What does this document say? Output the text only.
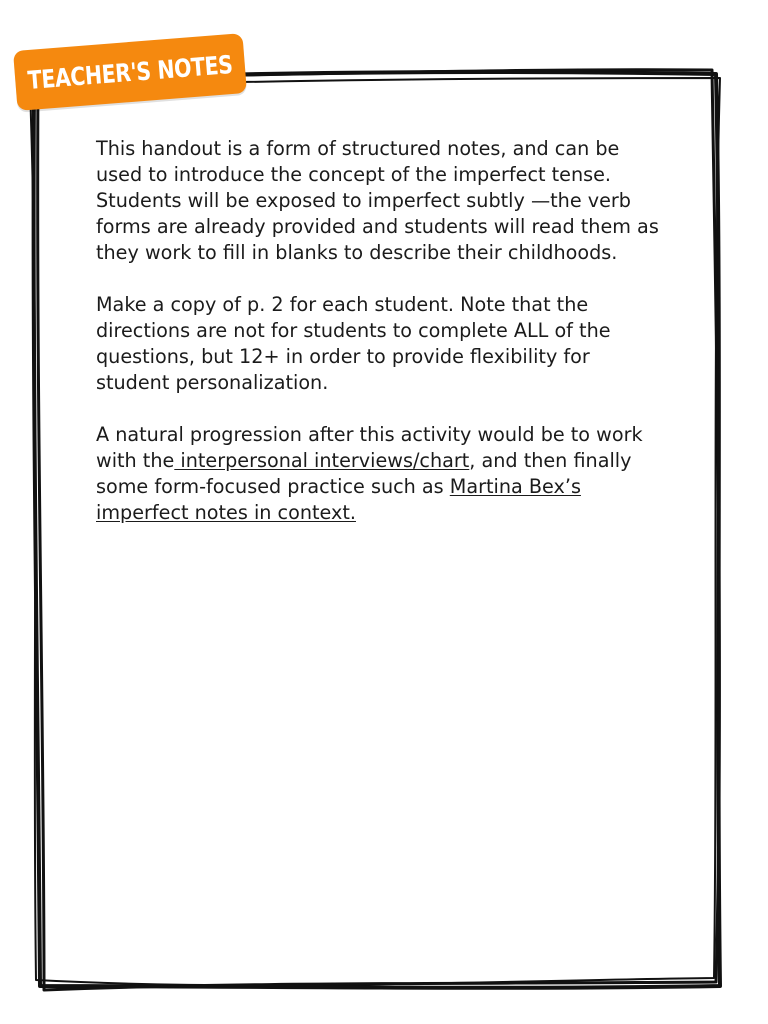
TEACHER'S NOTES

This handout is a form of structured notes, and can be used to introduce the concept of the imperfect tense. Students will be exposed to imperfect subtly —the verb forms are already provided and students will read them as they work to fill in blanks to describe their childhoods.

Make a copy of p. 2 for each student. Note that the directions are not for students to complete ALL of the questions, but 12+ in order to provide flexibility for student personalization.

A natural progression after this activity would be to work with the interpersonal interviews/chart, and then finally some form-focused practice such as Martina Bex’s imperfect notes in context.
